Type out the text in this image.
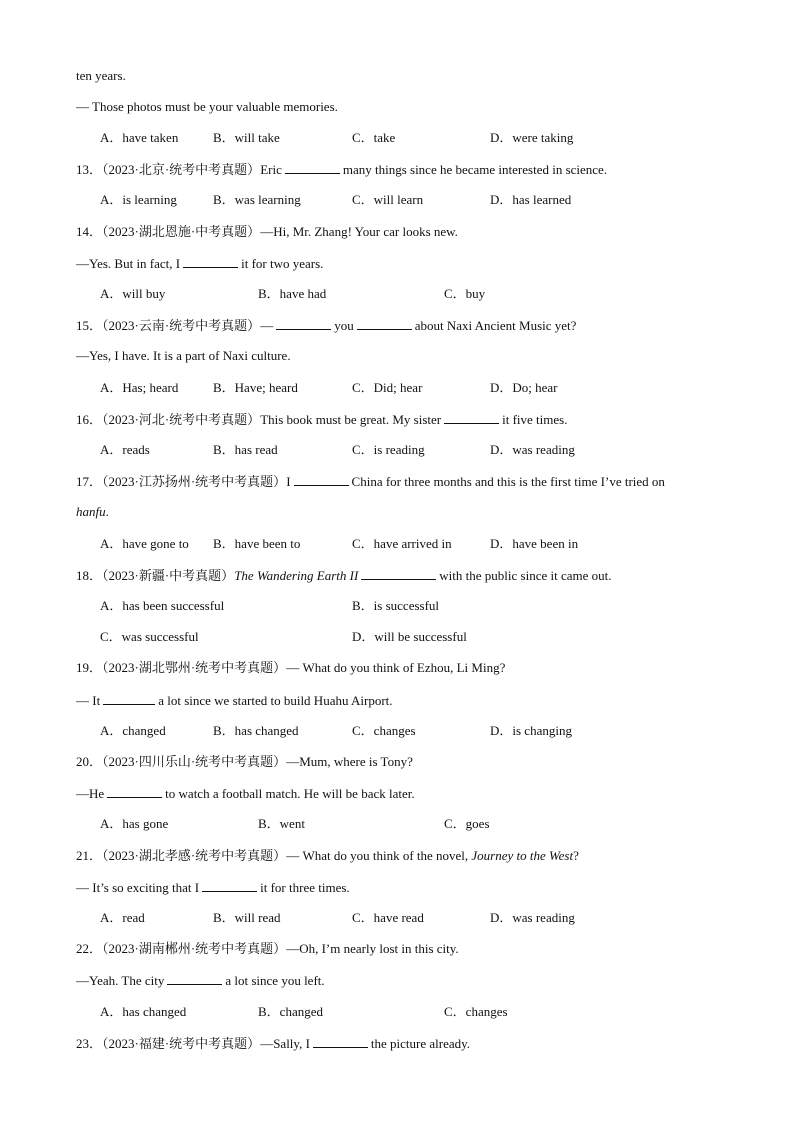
ten years.
— Those photos must be your valuable memories.
A．have taken	B．will take	C．take	D．were taking
13．（2023·北京·统考中考真题）Eric	many things since he became interested in science.
A．is learning	B．was learning	C．will learn	D．has learned
14．（2023·湖北恩施·中考真题）—Hi, Mr. Zhang! Your car looks new.
—Yes. But in fact, I	it for two years.
A．will buy	B．have had	C．buy
15．（2023·云南·统考中考真题）—	you	about Naxi Ancient Music yet?
—Yes, I have. It is a part of Naxi culture.
A．Has; heard	B．Have; heard	C．Did; hear	D．Do; hear
16．（2023·河北·统考中考真题）This book must be great. My sister	it five times.
A．reads	B．has read	C．is reading	D．was reading
17．（2023·江苏扬州·统考中考真题）I	China for three months and this is the first time I’ve tried on
hanfu.
A．have gone to B．have been to	C．have arrived in	D．have been in
18．（2023·新疆·中考真题）The Wandering Earth II	with the public since it came out.
A．has been successful	B．is successful
C．was successful	D．will be successful
19．（2023·湖北鄂州·统考中考真题）— What do you think of Ezhou, Li Ming?
— It	a lot since we started to build Huahu Airport.
A．changed	B．has changed	C．changes	D．is changing
20．（2023·四川乐山·统考中考真题）—Mum, where is Tony?
—He	to watch a football match. He will be back later.
A．has gone	B．went	C．goes
21．（2023·湖北孝感·统考中考真题）— What do you think of the novel, Journey to the West?
— It’s so exciting that I	it for three times.
A．read	B．will read	C．have read	D．was reading
22．（2023·湖南郴州·统考中考真题）—Oh, I’m nearly lost in this city.
—Yeah. The city	a lot since you left.
A．has changed	B．changed	C．changes
23．（2023·福建·统考中考真题）—Sally, I	the picture already.
